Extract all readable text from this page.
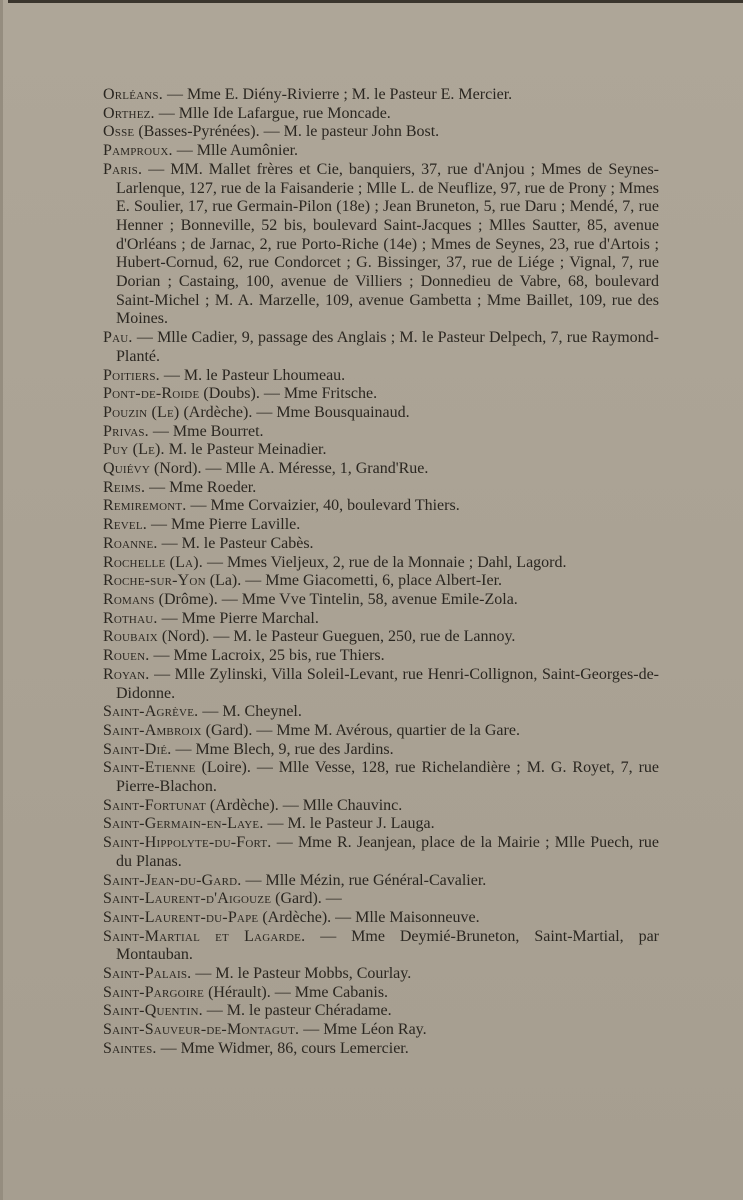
Orléans. — Mme E. Diény-Rivierre ; M. le Pasteur E. Mercier.

Orthez. — Mlle Ide Lafargue, rue Moncade.

Osse (Basses-Pyrénées). — M. le pasteur John Bost.

Pamproux. — Mlle Aumônier.

Paris. — MM. Mallet frères et Cie, banquiers, 37, rue d'Anjou ; Mmes de Seynes-Larlenque, 127, rue de la Faisanderie ; Mlle L. de Neuflize, 97, rue de Prony ; Mmes E. Soulier, 17, rue Germain-Pilon (18e) ; Jean Bruneton, 5, rue Daru ; Mendé, 7, rue Henner ; Bonneville, 52 bis, boulevard Saint-Jacques ; Mlles Sautter, 85, avenue d'Orléans ; de Jarnac, 2, rue Porto-Riche (14e) ; Mmes de Seynes, 23, rue d'Artois ; Hubert-Cornud, 62, rue Condorcet ; G. Bissinger, 37, rue de Liége ; Vignal, 7, rue Dorian ; Castaing, 100, avenue de Villiers ; Donnedieu de Vabre, 68, boulevard Saint-Michel ; M. A. Marzelle, 109, avenue Gambetta ; Mme Baillet, 109, rue des Moines.

Pau. — Mlle Cadier, 9, passage des Anglais ; M. le Pasteur Delpech, 7, rue Raymond-Planté.

Poitiers. — M. le Pasteur Lhoumeau.

Pont-de-Roide (Doubs). — Mme Fritsche.

Pouzin (Le) (Ardèche). — Mme Bousquainaud.

Privas. — Mme Bourret.

Puy (Le). M. le Pasteur Meinadier.

Quiévy (Nord). — Mlle A. Méresse, 1, Grand'Rue.

Reims. — Mme Roeder.

Remiremont. — Mme Corvaizier, 40, boulevard Thiers.

Revel. — Mme Pierre Laville.

Roanne. — M. le Pasteur Cabès.

Rochelle (La). — Mmes Vieljeux, 2, rue de la Monnaie ; Dahl, Lagord.

Roche-sur-Yon (La). — Mme Giacometti, 6, place Albert-Ier.

Romans (Drôme). — Mme Vve Tintelin, 58, avenue Emile-Zola.

Rothau. — Mme Pierre Marchal.

Roubaix (Nord). — M. le Pasteur Gueguen, 250, rue de Lannoy.

Rouen. — Mme Lacroix, 25 bis, rue Thiers.

Royan. — Mlle Zylinski, Villa Soleil-Levant, rue Henri-Collignon, Saint-Georges-de-Didonne.

Saint-Agrève. — M. Cheynel.

Saint-Ambroix (Gard). — Mme M. Avérous, quartier de la Gare.

Saint-Dié. — Mme Blech, 9, rue des Jardins.

Saint-Etienne (Loire). — Mlle Vesse, 128, rue Richelandière ; M. G. Royet, 7, rue Pierre-Blachon.

Saint-Fortunat (Ardèche). — Mlle Chauvinc.

Saint-Germain-en-Laye. — M. le Pasteur J. Lauga.

Saint-Hippolyte-du-Fort. — Mme R. Jeanjean, place de la Mairie ; Mlle Puech, rue du Planas.

Saint-Jean-du-Gard. — Mlle Mézin, rue Général-Cavalier.

Saint-Laurent-d'Aigouze (Gard). —

Saint-Laurent-du-Pape (Ardèche). — Mlle Maisonneuve.

Saint-Martial et Lagarde. — Mme Deymié-Bruneton, Saint-Martial, par Montauban.

Saint-Palais. — M. le Pasteur Mobbs, Courlay.

Saint-Pargoire (Hérault). — Mme Cabanis.

Saint-Quentin. — M. le pasteur Chéradame.

Saint-Sauveur-de-Montagut. — Mme Léon Ray.

Saintes. — Mme Widmer, 86, cours Lemercier.
